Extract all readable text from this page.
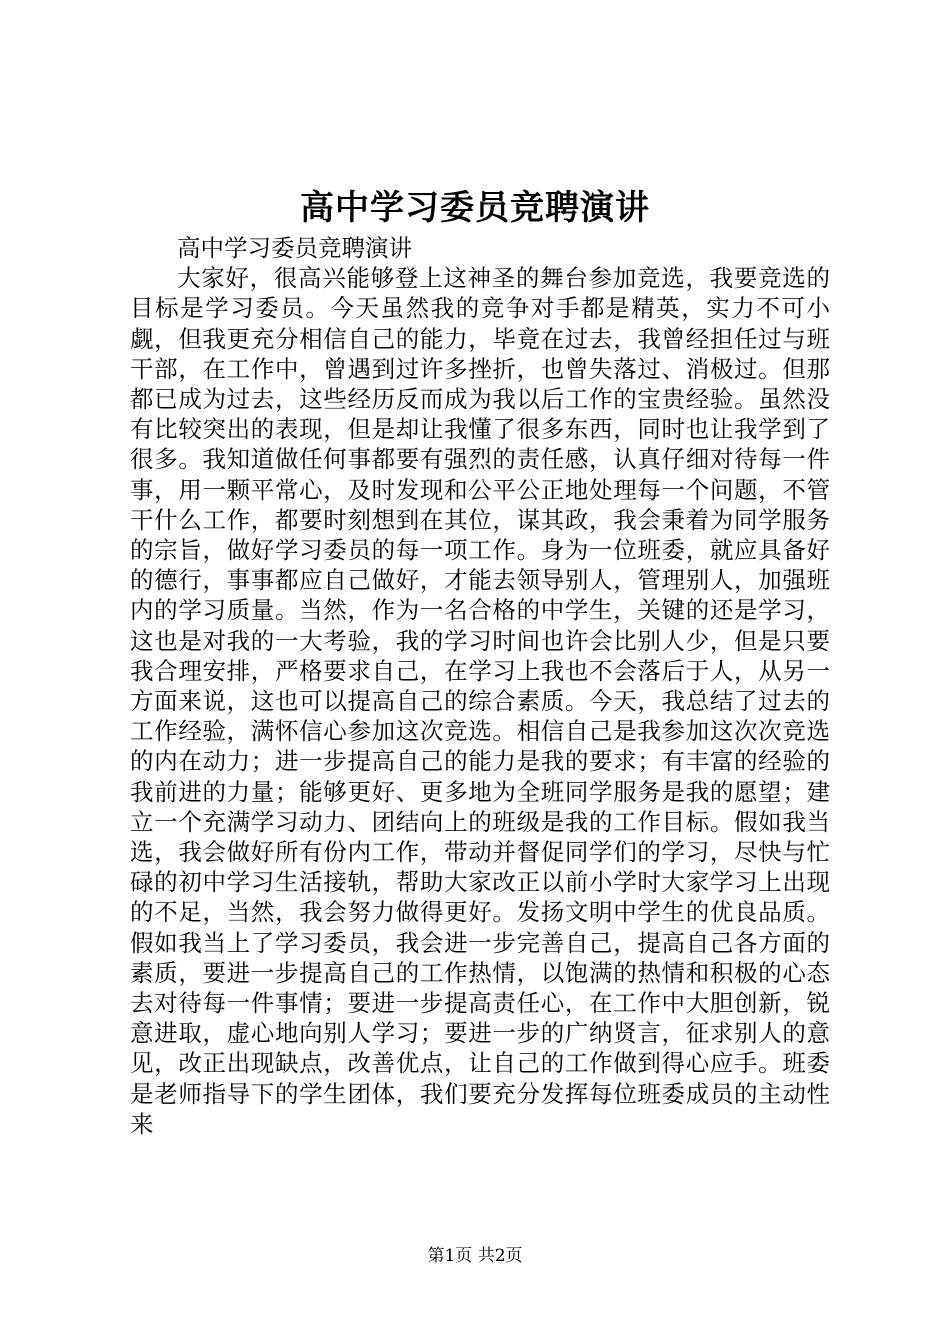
高中学习委员竞聘演讲
高中学习委员竞聘演讲

大家好，很高兴能够登上这神圣的舞台参加竞选，我要竞选的目标是学习委员。今天虽然我的竞争对手都是精英，实力不可小觑，但我更充分相信自己的能力，毕竟在过去，我曾经担任过与班干部，在工作中，曾遇到过许多挫折，也曾失落过、消极过。但那都已成为过去，这些经历反而成为我以后工作的宝贵经验。虽然没有比较突出的表现，但是却让我懂了很多东西，同时也让我学到了很多。我知道做任何事都要有强烈的责任感，认真仔细对待每一件事，用一颗平常心，及时发现和公平公正地处理每一个问题，不管干什么工作，都要时刻想到在其位，谋其政，我会秉着为同学服务的宗旨，做好学习委员的每一项工作。身为一位班委，就应具备好的德行，事事都应自己做好，才能去领导别人，管理别人，加强班内的学习质量。当然，作为一名合格的中学生，关键的还是学习，这也是对我的一大考验，我的学习时间也许会比别人少，但是只要我合理安排，严格要求自己，在学习上我也不会落后于人，从另一方面来说，这也可以提高自己的综合素质。今天，我总结了过去的工作经验，满怀信心参加这次竞选。相信自己是我参加这次次竞选的内在动力；进一步提高自己的能力是我的要求；有丰富的经验的我前进的力量；能够更好、更多地为全班同学服务是我的愿望；建立一个充满学习动力、团结向上的班级是我的工作目标。假如我当选，我会做好所有份内工作，带动并督促同学们的学习，尽快与忙碌的初中学习生活接轨，帮助大家改正以前小学时大家学习上出现的不足，当然，我会努力做得更好。发扬文明中学生的优良品质。假如我当上了学习委员，我会进一步完善自己，提高自己各方面的素质，要进一步提高自己的工作热情，以饱满的热情和积极的心态去对待每一件事情；要进一步提高责任心，在工作中大胆创新，锐意进取，虚心地向别人学习；要进一步的广纳贤言，征求别人的意见，改正出现缺点，改善优点，让自己的工作做到得心应手。班委是老师指导下的学生团体，我们要充分发挥每位班委成员的主动性来

第1页 共2页
